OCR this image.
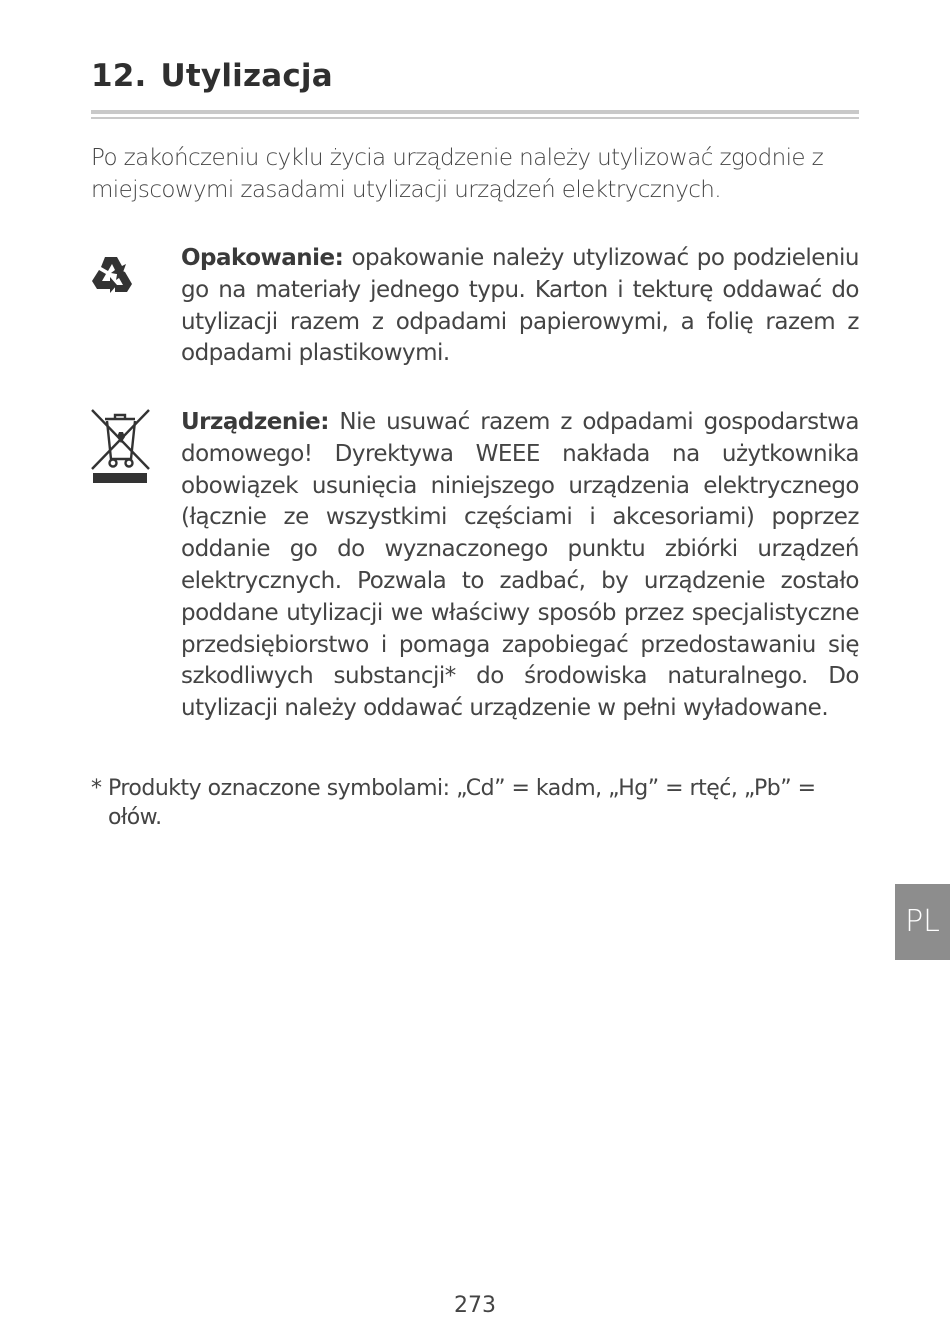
12. Utylizacja

Po zakończeniu cyklu życia urządzenie należy utylizować zgodnie z miejscowymi zasadami utylizacji urządzeń elektrycznych.

Opakowanie: opakowanie należy utylizować po podzieleniu go na materiały jednego typu. Karton i tekturę oddawać do utylizacji razem z odpadami papierowymi, a folię razem z odpadami plastikowymi.

Urządzenie: Nie usuwać razem z odpadami gospodarstwa domowego! Dyrektywa WEEE nakłada na użytkownika obowiązek usunięcia niniejszego urządzenia elektrycznego (łącznie ze wszystkimi częściami i akcesoriami) poprzez oddanie go do wyznaczonego punktu zbiórki urządzeń elektrycznych. Pozwala to zadbać, by urządzenie zostało poddane utylizacji we właściwy sposób przez specjalistyczne przedsiębiorstwo i pomaga zapobiegać przedostawaniu się szkodliwych substancji* do środowiska naturalnego. Do utylizacji należy oddawać urządzenie w pełni wyładowane.

* Produkty oznaczone symbolami: „Cd” = kadm, „Hg” = rtęć, „Pb” = ołów.

PL
273
